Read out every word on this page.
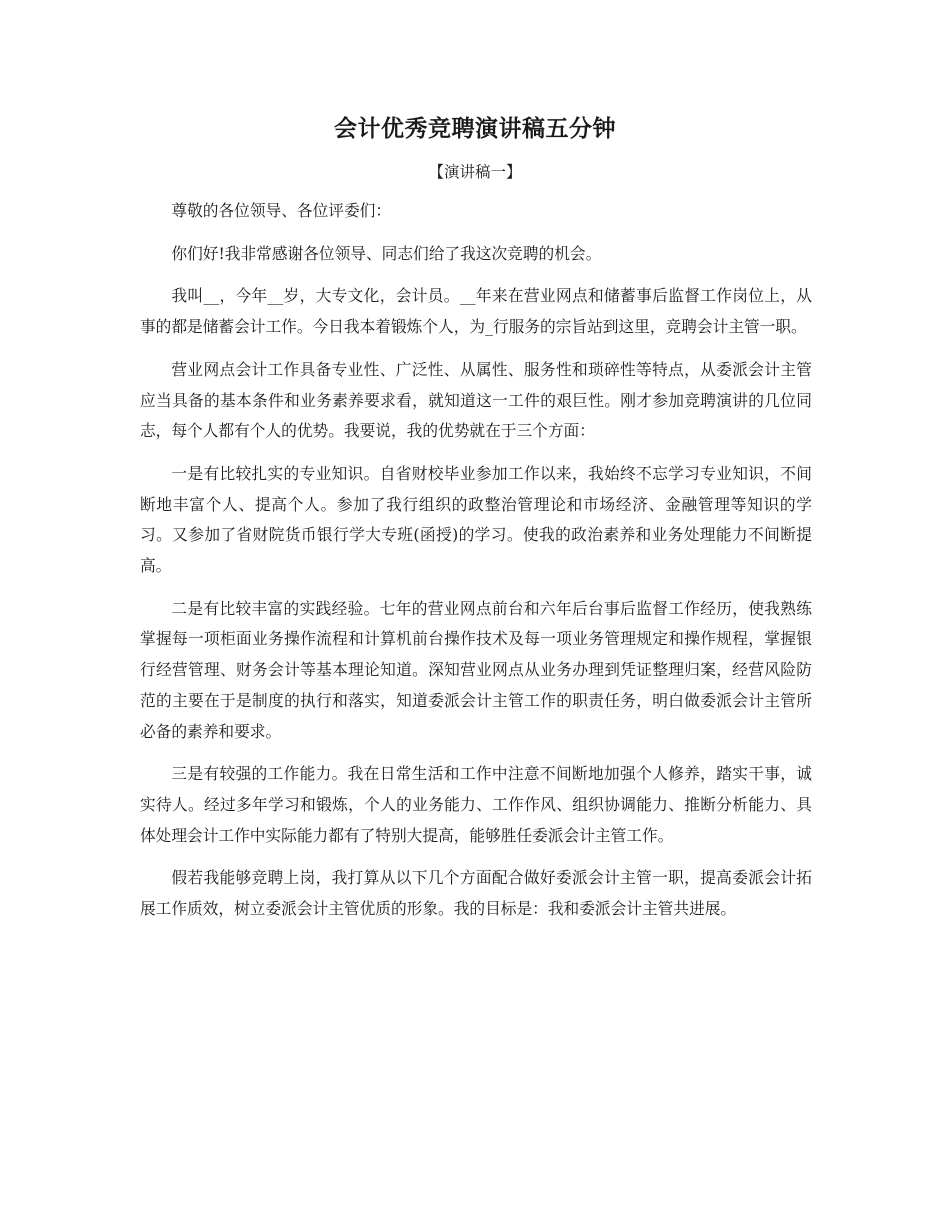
会计优秀竞聘演讲稿五分钟
【演讲稿一】

尊敬的各位领导、各位评委们：

你们好!我非常感谢各位领导、同志们给了我这次竞聘的机会。

我叫__，今年__岁，大专文化，会计员。__年来在营业网点和储蓄事后监督工作岗位上，从事的都是储蓄会计工作。今日我本着锻炼个人，为_行服务的宗旨站到这里，竞聘会计主管一职。

营业网点会计工作具备专业性、广泛性、从属性、服务性和琐碎性等特点，从委派会计主管应当具备的基本条件和业务素养要求看，就知道这一工件的艰巨性。刚才参加竞聘演讲的几位同志，每个人都有个人的优势。我要说，我的优势就在于三个方面：

一是有比较扎实的专业知识。自省财校毕业参加工作以来，我始终不忘学习专业知识，不间断地丰富个人、提高个人。参加了我行组织的政整治管理论和市场经济、金融管理等知识的学习。又参加了省财院货币银行学大专班(函授)的学习。使我的政治素养和业务处理能力不间断提高。

二是有比较丰富的实践经验。七年的营业网点前台和六年后台事后监督工作经历，使我熟练掌握每一项柜面业务操作流程和计算机前台操作技术及每一项业务管理规定和操作规程，掌握银行经营管理、财务会计等基本理论知道。深知营业网点从业务办理到凭证整理归案，经营风险防范的主要在于是制度的执行和落实，知道委派会计主管工作的职责任务，明白做委派会计主管所必备的素养和要求。

三是有较强的工作能力。我在日常生活和工作中注意不间断地加强个人修养，踏实干事，诚实待人。经过多年学习和锻炼，个人的业务能力、工作作风、组织协调能力、推断分析能力、具体处理会计工作中实际能力都有了特别大提高，能够胜任委派会计主管工作。

假若我能够竞聘上岗，我打算从以下几个方面配合做好委派会计主管一职，提高委派会计拓展工作质效，树立委派会计主管优质的形象。我的目标是：我和委派会计主管共进展。
